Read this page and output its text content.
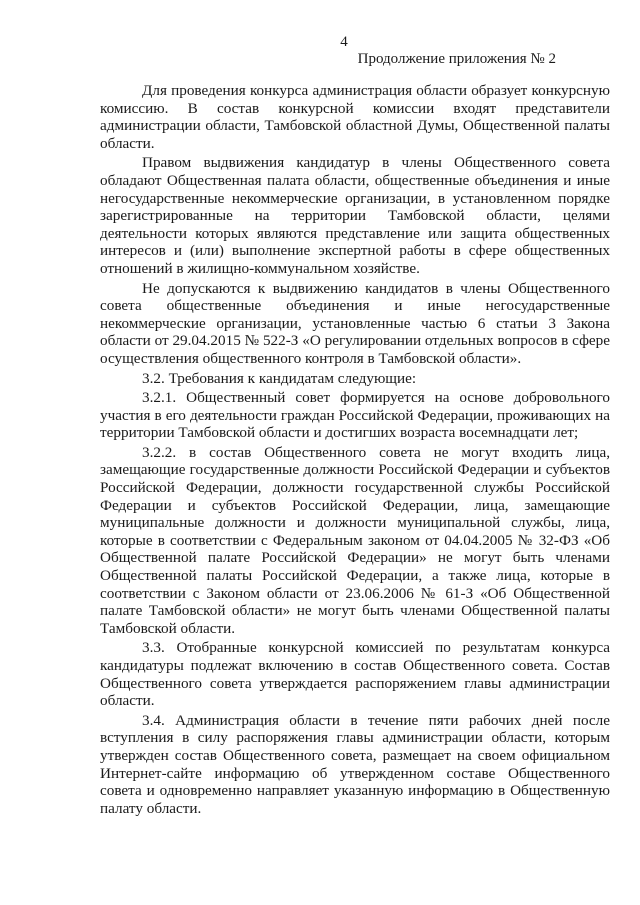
4
Продолжение приложения № 2

Для проведения конкурса администрация области образует конкурсную комиссию. В состав конкурсной комиссии входят представители администрации области, Тамбовской областной Думы, Общественной палаты области.

Правом выдвижения кандидатур в члены Общественного совета обладают Общественная палата области, общественные объединения и иные негосударственные некоммерческие организации, в установленном порядке зарегистрированные на территории Тамбовской области, целями деятельности которых являются представление или защита общественных интересов и (или) выполнение экспертной работы в сфере общественных отношений в жилищно-коммунальном хозяйстве.

Не допускаются к выдвижению кандидатов в члены Общественного совета общественные объединения и иные негосударственные некоммерческие организации, установленные частью 6 статьи 3 Закона области от 29.04.2015 № 522-З «О регулировании отдельных вопросов в сфере осуществления общественного контроля в Тамбовской области».

3.2. Требования к кандидатам следующие:

3.2.1. Общественный совет формируется на основе добровольного участия в его деятельности граждан Российской Федерации, проживающих на территории Тамбовской области и достигших возраста восемнадцати лет;

3.2.2. в состав Общественного совета не могут входить лица, замещающие государственные должности Российской Федерации и субъектов Российской Федерации, должности государственной службы Российской Федерации и субъектов Российской Федерации, лица, замещающие муниципальные должности и должности муниципальной службы, лица, которые в соответствии с Федеральным законом от 04.04.2005 № 32-ФЗ «Об Общественной палате Российской Федерации» не могут быть членами Общественной палаты Российской Федерации, а также лица, которые в соответствии с Законом области от 23.06.2006 № 61-З «Об Общественной палате Тамбовской области» не могут быть членами Общественной палаты Тамбовской области.

3.3. Отобранные конкурсной комиссией по результатам конкурса кандидатуры подлежат включению в состав Общественного совета. Состав Общественного совета утверждается распоряжением главы администрации области.

3.4. Администрация области в течение пяти рабочих дней после вступления в силу распоряжения главы администрации области, которым утвержден состав Общественного совета, размещает на своем официальном Интернет-сайте информацию об утвержденном составе Общественного совета и одновременно направляет указанную информацию в Общественную палату области.
